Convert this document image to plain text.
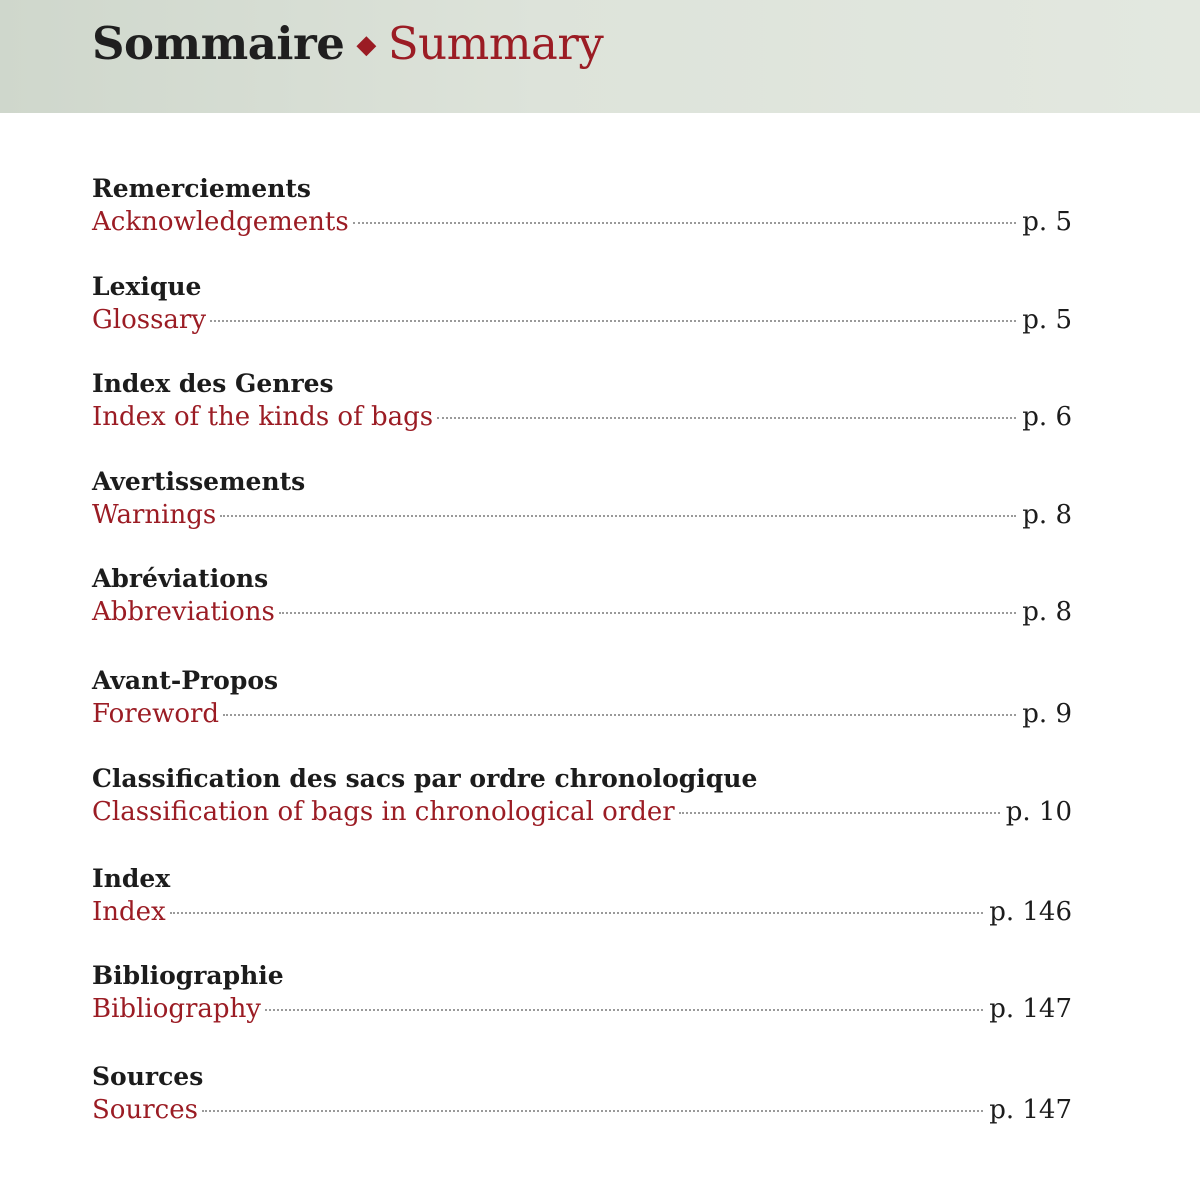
Sommaire ◆ Summary
Remerciements
Acknowledgements	p. 5
Lexique
Glossary	p. 5
Index des Genres
Index of the kinds of bags	p. 6
Avertissements
Warnings	p. 8
Abréviations
Abbreviations	p. 8
Avant-Propos
Foreword	p. 9
Classification des sacs par ordre chronologique
Classification of bags in chronological order	p. 10
Index
Index	p. 146
Bibliographie
Bibliography	p. 147
Sources
Sources	p. 147
